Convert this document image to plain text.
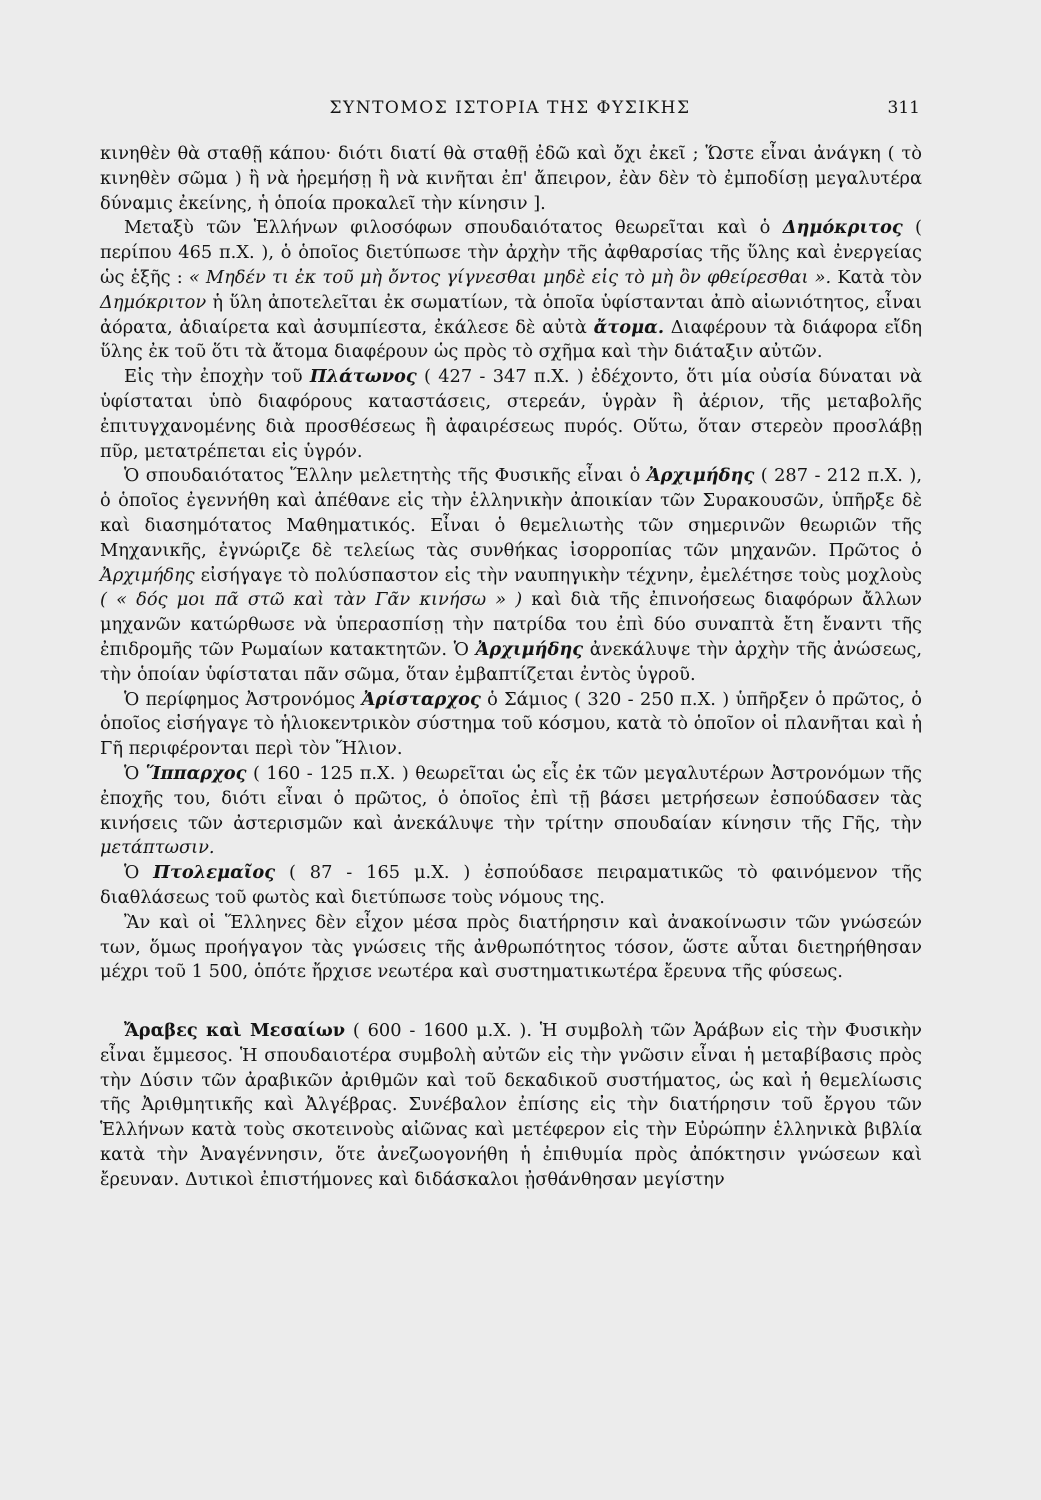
ΣΥΝΤΟΜΟΣ ΙΣΤΟΡΙΑ ΤΗΣ ΦΥΣΙΚΗΣ	311

κινηθὲν θὰ σταθῇ κάπου· διότι διατί θὰ σταθῇ ἐδῶ καὶ ὄχι ἐκεῖ ; Ὥστε εἶναι ἀνάγκη ( τὸ κινηθὲν σῶμα ) ἢ νὰ ἠρεμήσῃ ἢ νὰ κινῆται ἐπ' ἄπειρον, ἐὰν δὲν τὸ ἐμποδίσῃ μεγαλυτέρα δύναμις ἐκείνης, ἡ ὁποία προκαλεῖ τὴν κίνησιν ].

Μεταξὺ τῶν Ἑλλήνων φιλοσόφων σπουδαιότατος θεωρεῖται καὶ ὁ Δημόκριτος ( περίπου 465 π.Χ. ), ὁ ὁποῖος διετύπωσε τὴν ἀρχὴν τῆς ἀφθαρσίας τῆς ὕλης καὶ ἐνεργείας ὡς ἑξῆς : « Μηδέν τι ἐκ τοῦ μὴ ὄντος γίγνεσθαι μηδὲ εἰς τὸ μὴ ὂν φθείρεσθαι ». Κατὰ τὸν Δημόκριτον ἡ ὕλη ἀποτελεῖται ἐκ σωματίων, τὰ ὁποῖα ὑφίστανται ἀπὸ αἰωνιότητος, εἶναι ἀόρατα, ἀδιαίρετα καὶ ἀσυμπίεστα, ἐκάλεσε δὲ αὐτὰ ἄτομα. Διαφέρουν τὰ διάφορα εἴδη ὕλης ἐκ τοῦ ὅτι τὰ ἄτομα διαφέρουν ὡς πρὸς τὸ σχῆμα καὶ τὴν διάταξιν αὐτῶν.

Εἰς τὴν ἐποχὴν τοῦ Πλάτωνος ( 427 - 347 π.Χ. ) ἐδέχοντο, ὅτι μία οὐσία δύναται νὰ ὑφίσταται ὑπὸ διαφόρους καταστάσεις, στερεάν, ὑγρὰν ἢ ἀέριον, τῆς μεταβολῆς ἐπιτυγχανομένης διὰ προσθέσεως ἢ ἀφαιρέσεως πυρός. Οὕτω, ὅταν στερεὸν προσλάβῃ πῦρ, μετατρέπεται εἰς ὑγρόν.

Ὁ σπουδαιότατος Ἕλλην μελετητὴς τῆς Φυσικῆς εἶναι ὁ Ἀρχιμήδης ( 287 - 212 π.Χ. ), ὁ ὁποῖος ἐγεννήθη καὶ ἀπέθανε εἰς τὴν ἑλληνικὴν ἀποικίαν τῶν Συρακουσῶν, ὑπῆρξε δὲ καὶ διασημότατος Μαθηματικός. Εἶναι ὁ θεμελιωτὴς τῶν σημερινῶν θεωριῶν τῆς Μηχανικῆς, ἐγνώριζε δὲ τελείως τὰς συνθήκας ἰσορροπίας τῶν μηχανῶν. Πρῶτος ὁ Ἀρχιμήδης εἰσήγαγε τὸ πολύσπαστον εἰς τὴν ναυπηγικὴν τέχνην, ἐμελέτησε τοὺς μοχλοὺς ( « δός μοι πᾶ στῶ καὶ τὰν Γᾶν κινήσω » ) καὶ διὰ τῆς ἐπινοήσεως διαφόρων ἄλλων μηχανῶν κατώρθωσε νὰ ὑπερασπίσῃ τὴν πατρίδα του ἐπὶ δύο συναπτὰ ἔτη ἔναντι τῆς ἐπιδρομῆς τῶν Ρωμαίων κατακτητῶν. Ὁ Ἀρχιμήδης ἀνεκάλυψε τὴν ἀρχὴν τῆς ἀνώσεως, τὴν ὁποίαν ὑφίσταται πᾶν σῶμα, ὅταν ἐμβαπτίζεται ἐντὸς ὑγροῦ.

Ὁ περίφημος Ἀστρονόμος Ἀρίσταρχος ὁ Σάμιος ( 320 - 250 π.Χ. ) ὑπῆρξεν ὁ πρῶτος, ὁ ὁποῖος εἰσήγαγε τὸ ἡλιοκεντρικὸν σύστημα τοῦ κόσμου, κατὰ τὸ ὁποῖον οἱ πλανῆται καὶ ἡ Γῆ περιφέρονται περὶ τὸν Ἥλιον.

Ὁ Ἵππαρχος ( 160 - 125 π.Χ. ) θεωρεῖται ὡς εἷς ἐκ τῶν μεγαλυτέρων Ἀστρονόμων τῆς ἐποχῆς του, διότι εἶναι ὁ πρῶτος, ὁ ὁποῖος ἐπὶ τῇ βάσει μετρήσεων ἐσπούδασεν τὰς κινήσεις τῶν ἀστερισμῶν καὶ ἀνεκάλυψε τὴν τρίτην σπουδαίαν κίνησιν τῆς Γῆς, τὴν μετάπτωσιν.

Ὁ Πτολεμαῖος ( 87 - 165 μ.Χ. ) ἐσπούδασε πειραματικῶς τὸ φαινόμενον τῆς διαθλάσεως τοῦ φωτὸς καὶ διετύπωσε τοὺς νόμους της.

Ἂν καὶ οἱ Ἕλληνες δὲν εἶχον μέσα πρὸς διατήρησιν καὶ ἀνακοίνωσιν τῶν γνώσεών των, ὅμως προήγαγον τὰς γνώσεις τῆς ἀνθρωπότητος τόσον, ὥστε αὗται διετηρήθησαν μέχρι τοῦ 1 500, ὁπότε ἤρχισε νεωτέρα καὶ συστηματικωτέρα ἔρευνα τῆς φύσεως.

Ἄραβες καὶ Μεσαίων ( 600 - 1600 μ.Χ. ). Ἡ συμβολὴ τῶν Ἀράβων εἰς τὴν Φυσικὴν εἶναι ἔμμεσος. Ἡ σπουδαιοτέρα συμβολὴ αὐτῶν εἰς τὴν γνῶσιν εἶναι ἡ μεταβίβασις πρὸς τὴν Δύσιν τῶν ἀραβικῶν ἀριθμῶν καὶ τοῦ δεκαδικοῦ συστήματος, ὡς καὶ ἡ θεμελίωσις τῆς Ἀριθμητικῆς καὶ Ἀλγέβρας. Συνέβαλον ἐπίσης εἰς τὴν διατήρησιν τοῦ ἔργου τῶν Ἑλλήνων κατὰ τοὺς σκοτεινοὺς αἰῶνας καὶ μετέφερον εἰς τὴν Εὐρώπην ἑλληνικὰ βιβλία κατὰ τὴν Ἀναγέννησιν, ὅτε ἀνεζωογονήθη ἡ ἐπιθυμία πρὸς ἀπόκτησιν γνώσεων καὶ ἔρευναν. Δυτικοὶ ἐπιστήμονες καὶ διδάσκαλοι ᾐσθάνθησαν μεγίστην
